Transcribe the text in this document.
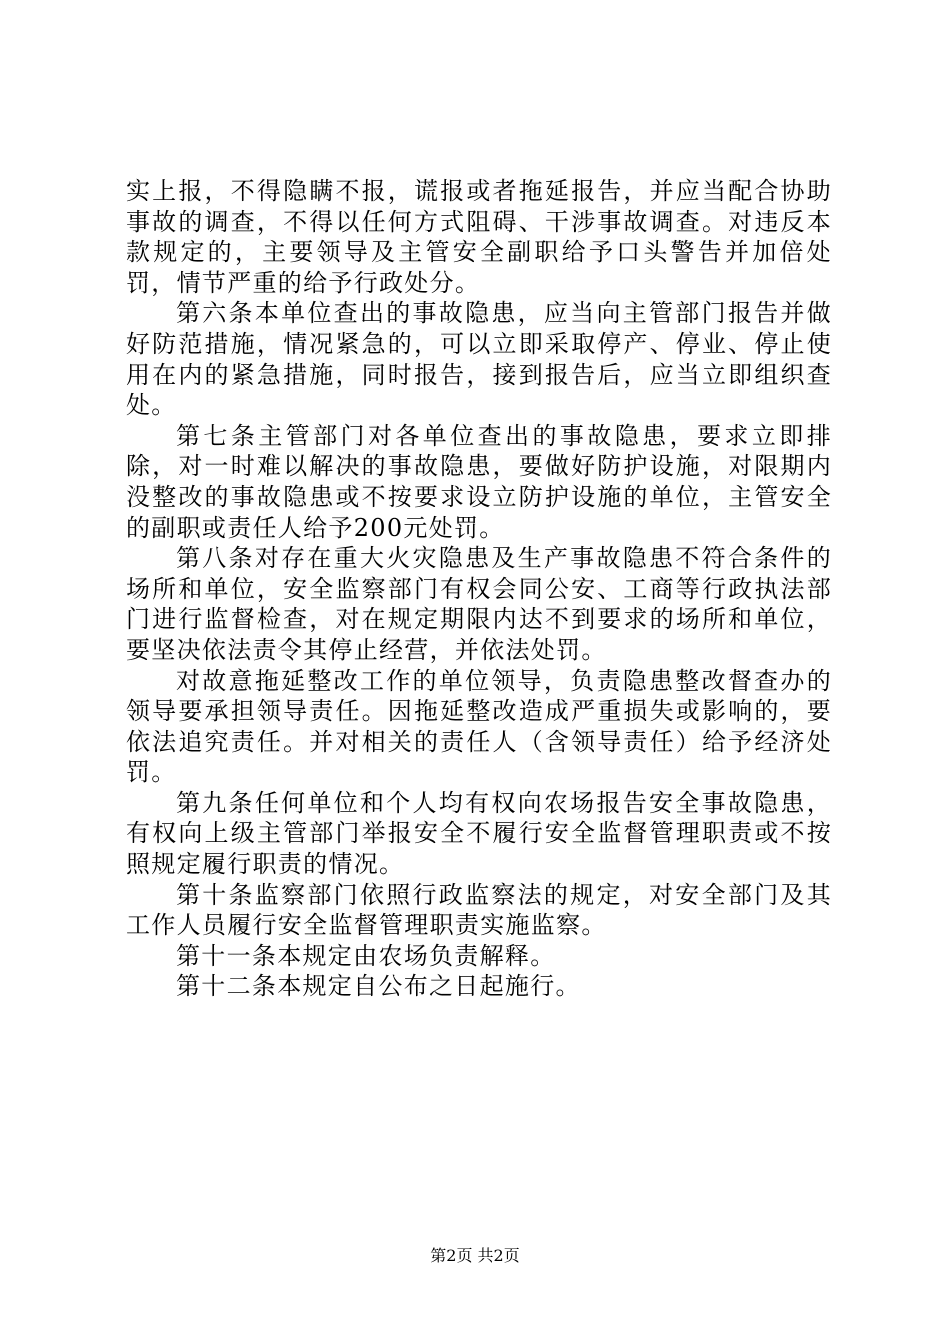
实上报，不得隐瞒不报，谎报或者拖延报告，并应当配合协助事故的调查，不得以任何方式阻碍、干涉事故调查。对违反本款规定的，主要领导及主管安全副职给予口头警告并加倍处罚，情节严重的给予行政处分。

第六条本单位查出的事故隐患，应当向主管部门报告并做好防范措施，情况紧急的，可以立即采取停产、停业、停止使用在内的紧急措施，同时报告，接到报告后，应当立即组织查处。

第七条主管部门对各单位查出的事故隐患，要求立即排除，对一时难以解决的事故隐患，要做好防护设施，对限期内没整改的事故隐患或不按要求设立防护设施的单位，主管安全的副职或责任人给予200元处罚。

第八条对存在重大火灾隐患及生产事故隐患不符合条件的场所和单位，安全监察部门有权会同公安、工商等行政执法部门进行监督检查，对在规定期限内达不到要求的场所和单位，要坚决依法责令其停止经营，并依法处罚。

对故意拖延整改工作的单位领导，负责隐患整改督查办的领导要承担领导责任。因拖延整改造成严重损失或影响的，要依法追究责任。并对相关的责任人（含领导责任）给予经济处罚。

第九条任何单位和个人均有权向农场报告安全事故隐患，有权向上级主管部门举报安全不履行安全监督管理职责或不按照规定履行职责的情况。

第十条监察部门依照行政监察法的规定，对安全部门及其工作人员履行安全监督管理职责实施监察。

第十一条本规定由农场负责解释。

第十二条本规定自公布之日起施行。

第2页 共2页
